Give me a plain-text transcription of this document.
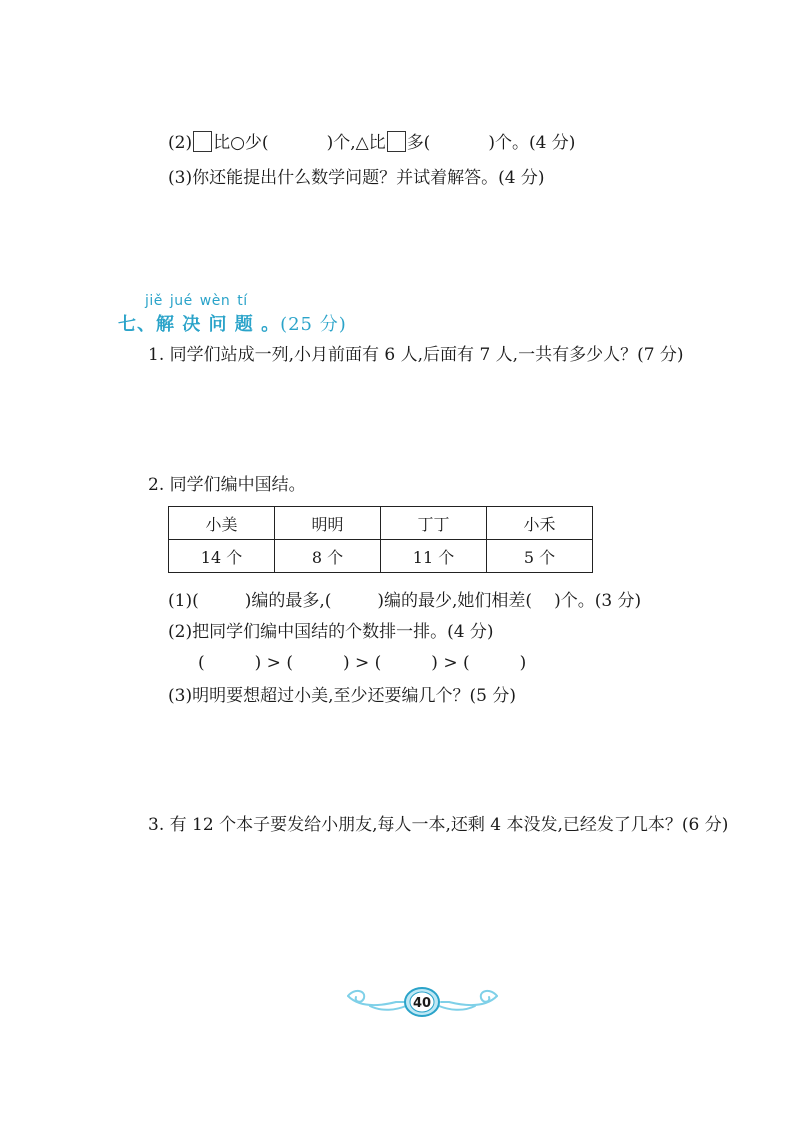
(2) 比○少(	)个,△比 多(	)个。(4 分)
(3)你还能提出什么数学问题？并试着解答。(4 分)
jiě jué wèn tí
七、解 决 问 题 。(25 分)
1. 同学们站成一列,小月前面有 6 人,后面有 7 人,一共有多少人？(7 分)
2. 同学们编中国结。
小美	明明	丁丁	小禾
14 个	8 个	11 个	5 个
(1)(	)编的最多,(	)编的最少,她们相差( )个。(3 分)
(2)把同学们编中国结的个数排一排。(4 分)
(	) > (	) > (	) > (	)
(3)明明要想超过小美,至少还要编几个？(5 分)
3. 有 12 个本子要发给小朋友,每人一本,还剩 4 本没发,已经发了几本？(6 分)
40
